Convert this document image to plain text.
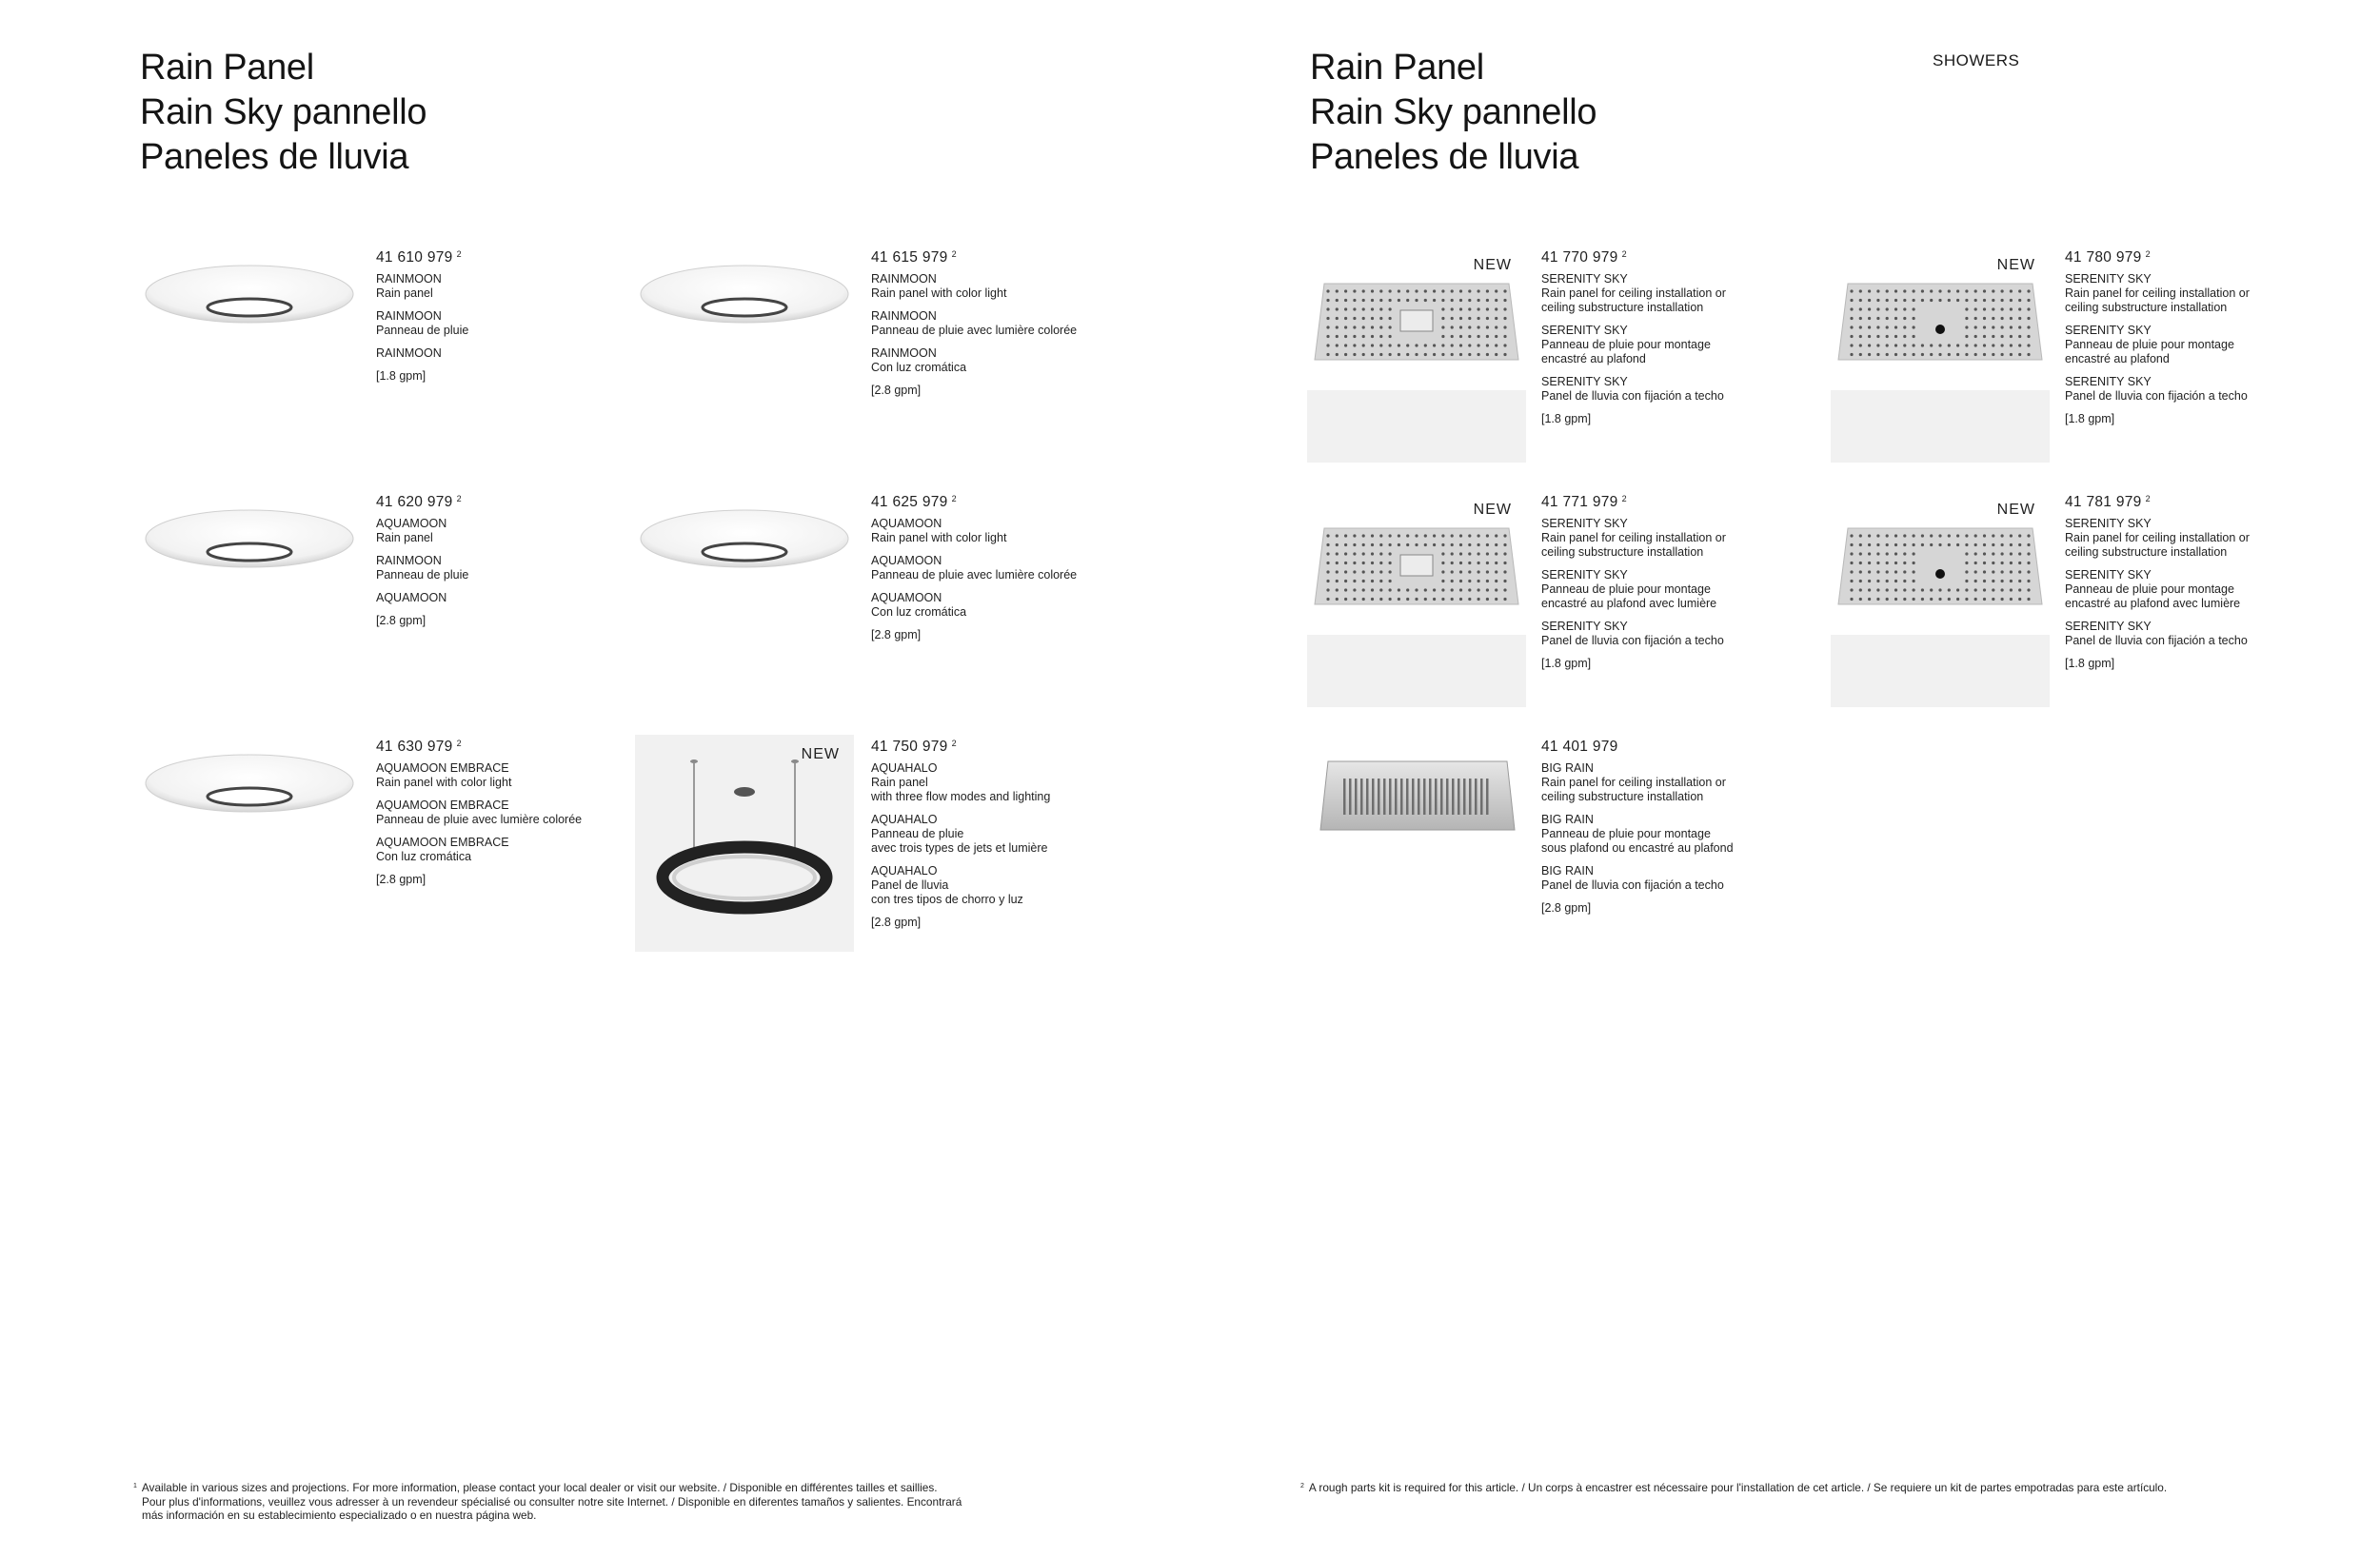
Rain Panel
Rain Sky pannello
Paneles de lluvia
Rain Panel
Rain Sky pannello
Paneles de lluvia
SHOWERS
NEW
NEW	NEW
NEW	NEW
41 610 979 $^2$
RAINMOON
Rain panel
RAINMOON
Panneau de pluie
RAINMOON
[1.8 gpm]
41 615 979 $^2$
RAINMOON
Rain panel with color light
RAINMOON
Panneau de pluie avec lumière colorée
RAINMOON
Con luz cromática
[2.8 gpm]
41 620 979 $^2$
AQUAMOON
Rain panel
RAINMOON
Panneau de pluie
AQUAMOON
[2.8 gpm]
41 625 979 $^2$
AQUAMOON
Rain panel with color light
AQUAMOON
Panneau de pluie avec lumière colorée
AQUAMOON
Con luz cromática
[2.8 gpm]
41 630 979 $^2$
AQUAMOON EMBRACE
Rain panel with color light
AQUAMOON EMBRACE
Panneau de pluie avec lumière colorée
AQUAMOON EMBRACE
Con luz cromática
[2.8 gpm]
41 750 979 $^2$
AQUAHALO
Rain panel
with three flow modes and lighting
AQUAHALO
Panneau de pluie
avec trois types de jets et lumière
AQUAHALO
Panel de lluvia
con tres tipos de chorro y luz
[2.8 gpm]
41 770 979 $^2$
SERENITY SKY
Rain panel for ceiling installation or
ceiling substructure installation
SERENITY SKY
Panneau de pluie pour montage
encastré au plafond
SERENITY SKY
Panel de lluvia con fijación a techo
[1.8 gpm]
41 780 979 $^2$
SERENITY SKY
Rain panel for ceiling installation or
ceiling substructure installation
SERENITY SKY
Panneau de pluie pour montage
encastré au plafond
SERENITY SKY
Panel de lluvia con fijación a techo
[1.8 gpm]
41 771 979 $^2$
SERENITY SKY
Rain panel for ceiling installation or
ceiling substructure installation
SERENITY SKY
Panneau de pluie pour montage
encastré au plafond avec lumière
SERENITY SKY
Panel de lluvia con fijación a techo
[1.8 gpm]
41 781 979 $^2$
SERENITY SKY
Rain panel for ceiling installation or
ceiling substructure installation
SERENITY SKY
Panneau de pluie pour montage
encastré au plafond avec lumière
SERENITY SKY
Panel de lluvia con fijación a techo
[1.8 gpm]
41 401 979
BIG RAIN
Rain panel for ceiling installation or
ceiling substructure installation
BIG RAIN
Panneau de pluie pour montage
sous plafond ou encastré au plafond
BIG RAIN
Panel de lluvia con fijación a techo
[2.8 gpm]
$^1$ Available in various sizes and projections. For more information, please contact your local dealer or visit our website. / Disponible en différentes tailles et saillies.
Pour plus d'informations, veuillez vous adresser à un revendeur spécialisé ou consulter notre site Internet. / Disponible en diferentes tamaños y salientes. Encontrará
más información en su establecimiento especializado o en nuestra página web.
$^2$ A rough parts kit is required for this article. / Un corps à encastrer est nécessaire pour l'installation de cet article. / Se requiere un kit de partes empotradas para este artículo.
